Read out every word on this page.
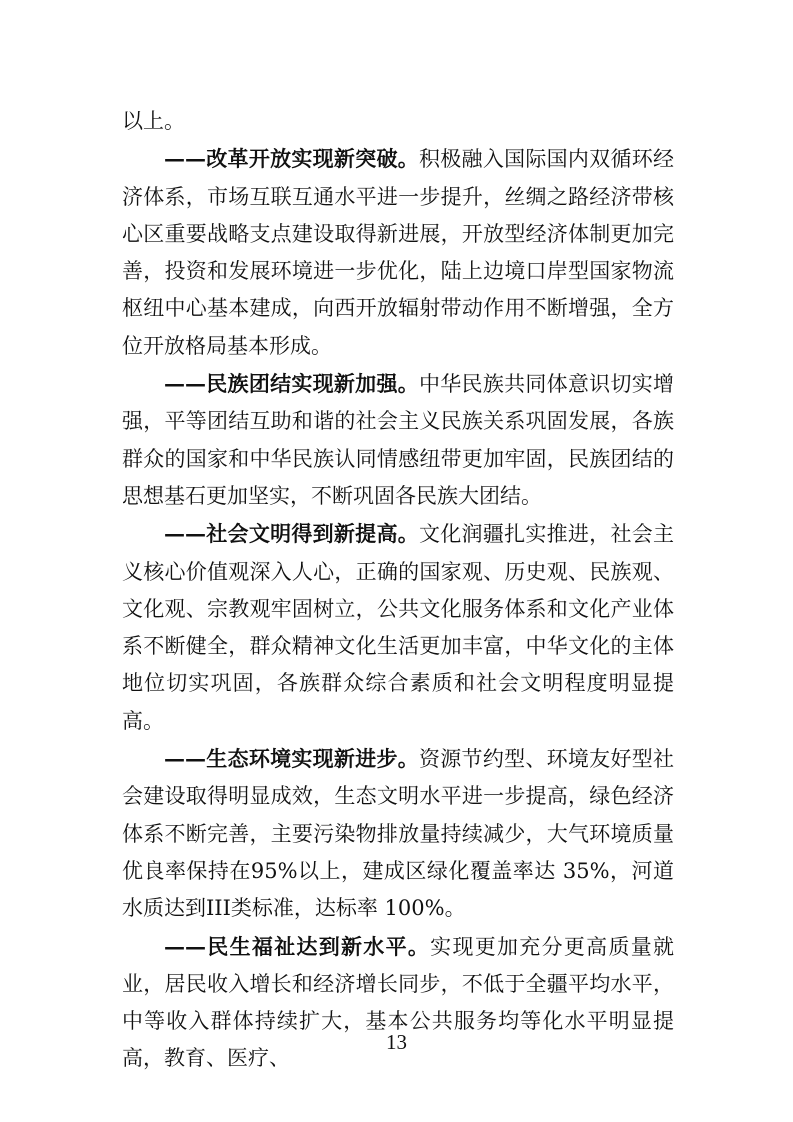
以上。

——改革开放实现新突破。积极融入国际国内双循环经济体系，市场互联互通水平进一步提升，丝绸之路经济带核心区重要战略支点建设取得新进展，开放型经济体制更加完善，投资和发展环境进一步优化，陆上边境口岸型国家物流枢纽中心基本建成，向西开放辐射带动作用不断增强，全方位开放格局基本形成。

——民族团结实现新加强。中华民族共同体意识切实增强，平等团结互助和谐的社会主义民族关系巩固发展，各族群众的国家和中华民族认同情感纽带更加牢固，民族团结的思想基石更加坚实，不断巩固各民族大团结。

——社会文明得到新提高。文化润疆扎实推进，社会主义核心价值观深入人心，正确的国家观、历史观、民族观、文化观、宗教观牢固树立，公共文化服务体系和文化产业体系不断健全，群众精神文化生活更加丰富，中华文化的主体地位切实巩固，各族群众综合素质和社会文明程度明显提高。

——生态环境实现新进步。资源节约型、环境友好型社会建设取得明显成效，生态文明水平进一步提高，绿色经济体系不断完善，主要污染物排放量持续减少，大气环境质量优良率保持在95%以上，建成区绿化覆盖率达 35%，河道水质达到III类标准，达标率 100%。

——民生福祉达到新水平。实现更加充分更高质量就业，居民收入增长和经济增长同步，不低于全疆平均水平，中等收入群体持续扩大，基本公共服务均等化水平明显提高，教育、医疗、

13
